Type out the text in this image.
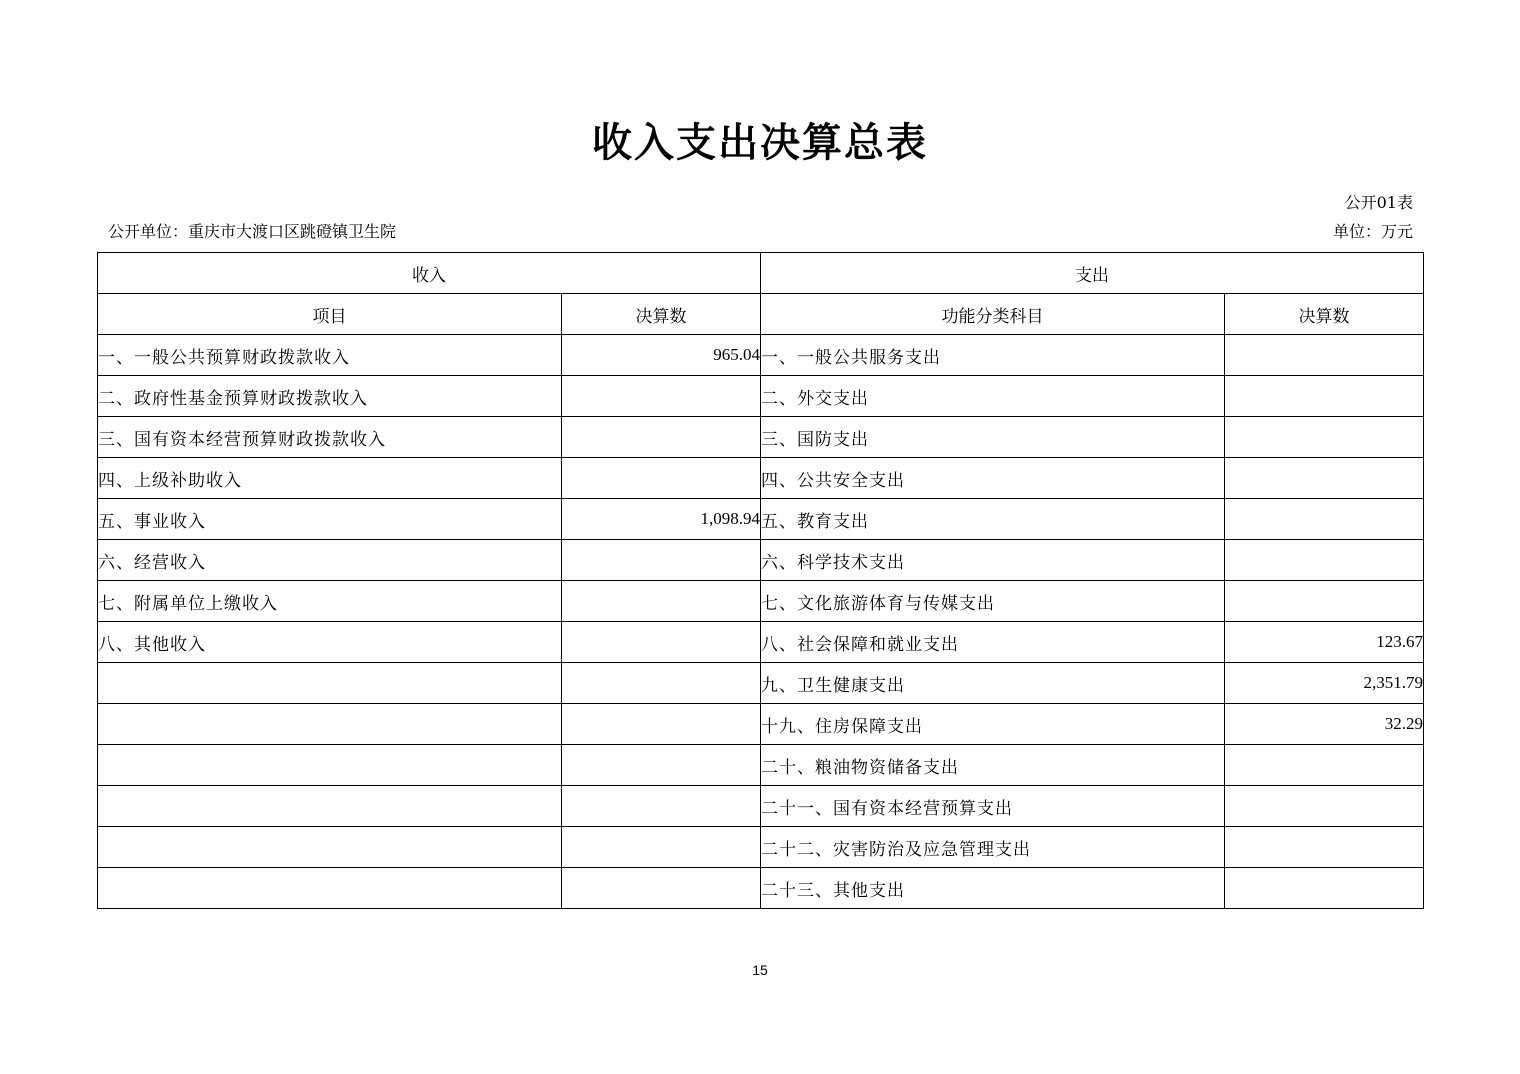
收入支出决算总表
公开01表
公开单位：重庆市大渡口区跳磴镇卫生院	单位：万元
收入		支出	
项目	决算数	功能分类科目	决算数
一、一般公共预算财政拨款收入	965.04	一、一般公共服务支出	
二、政府性基金预算财政拨款收入		二、外交支出	
三、国有资本经营预算财政拨款收入		三、国防支出	
四、上级补助收入		四、公共安全支出	
五、事业收入	1,098.94	五、教育支出	
六、经营收入		六、科学技术支出	
七、附属单位上缴收入		七、文化旅游体育与传媒支出	
八、其他收入		八、社会保障和就业支出	123.67
		九、卫生健康支出	2,351.79
		十九、住房保障支出	32.29
		二十、粮油物资储备支出	
		二十一、国有资本经营预算支出	
		二十二、灾害防治及应急管理支出	
		二十三、其他支出	
15
